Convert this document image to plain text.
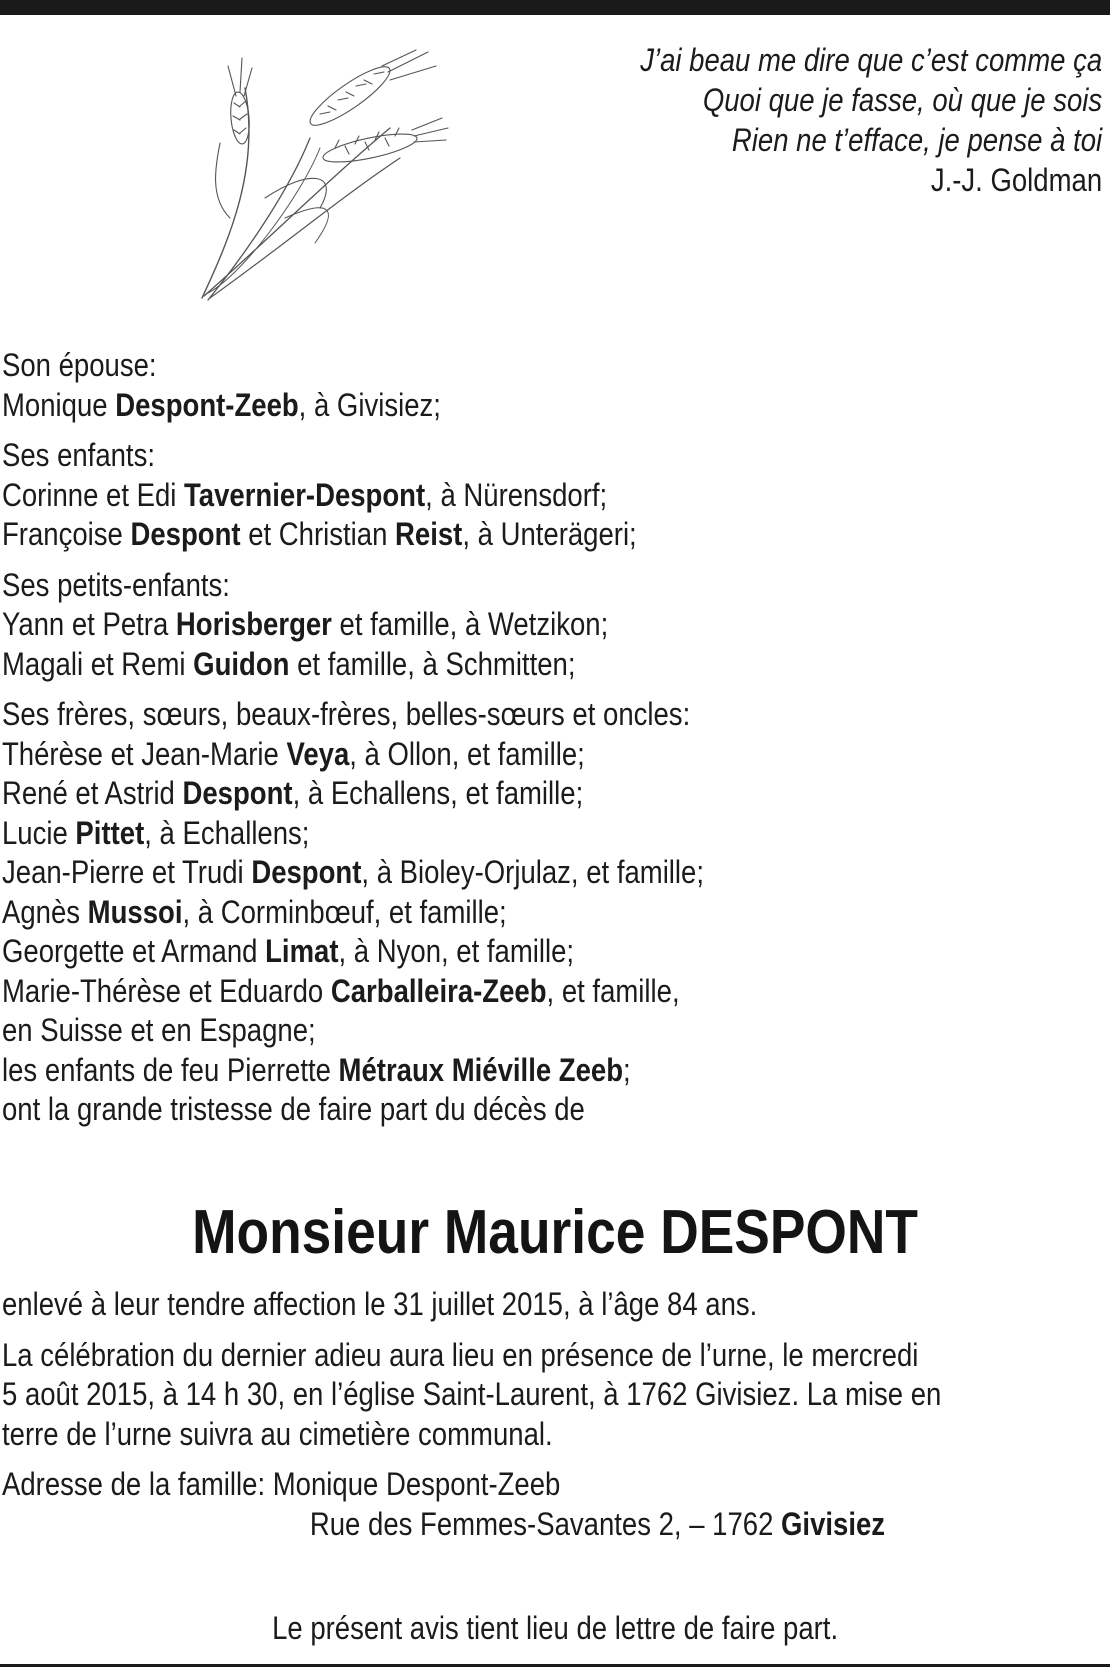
J’ai beau me dire que c’est comme ça
Quoi que je fasse, où que je sois
Rien ne t’efface, je pense à toi
J.-J. Goldman
Son épouse:
Monique Despont-Zeeb, à Givisiez;
Ses enfants:
Corinne et Edi Tavernier-Despont, à Nürensdorf;
Françoise Despont et Christian Reist, à Unterägeri;
Ses petits-enfants:
Yann et Petra Horisberger et famille, à Wetzikon;
Magali et Remi Guidon et famille, à Schmitten;
Ses frères, sœurs, beaux-frères, belles-sœurs et oncles:
Thérèse et Jean-Marie Veya, à Ollon, et famille;
René et Astrid Despont, à Echallens, et famille;
Lucie Pittet, à Echallens;
Jean-Pierre et Trudi Despont, à Bioley-Orjulaz, et famille;
Agnès Mussoi, à Corminbœuf, et famille;
Georgette et Armand Limat, à Nyon, et famille;
Marie-Thérèse et Eduardo Carballeira-Zeeb, et famille,
en Suisse et en Espagne;
les enfants de feu Pierrette Métraux Miéville Zeeb;
ont la grande tristesse de faire part du décès de
Monsieur Maurice DESPONT
enlevé à leur tendre affection le 31 juillet 2015, à l’âge 84 ans.
La célébration du dernier adieu aura lieu en présence de l’urne, le mercredi
5 août 2015, à 14 h 30, en l’église Saint-Laurent, à 1762 Givisiez. La mise en
terre de l’urne suivra au cimetière communal.
Adresse de la famille: Monique Despont-Zeeb
Rue des Femmes-Savantes 2, – 1762 Givisiez
Le présent avis tient lieu de lettre de faire part.
